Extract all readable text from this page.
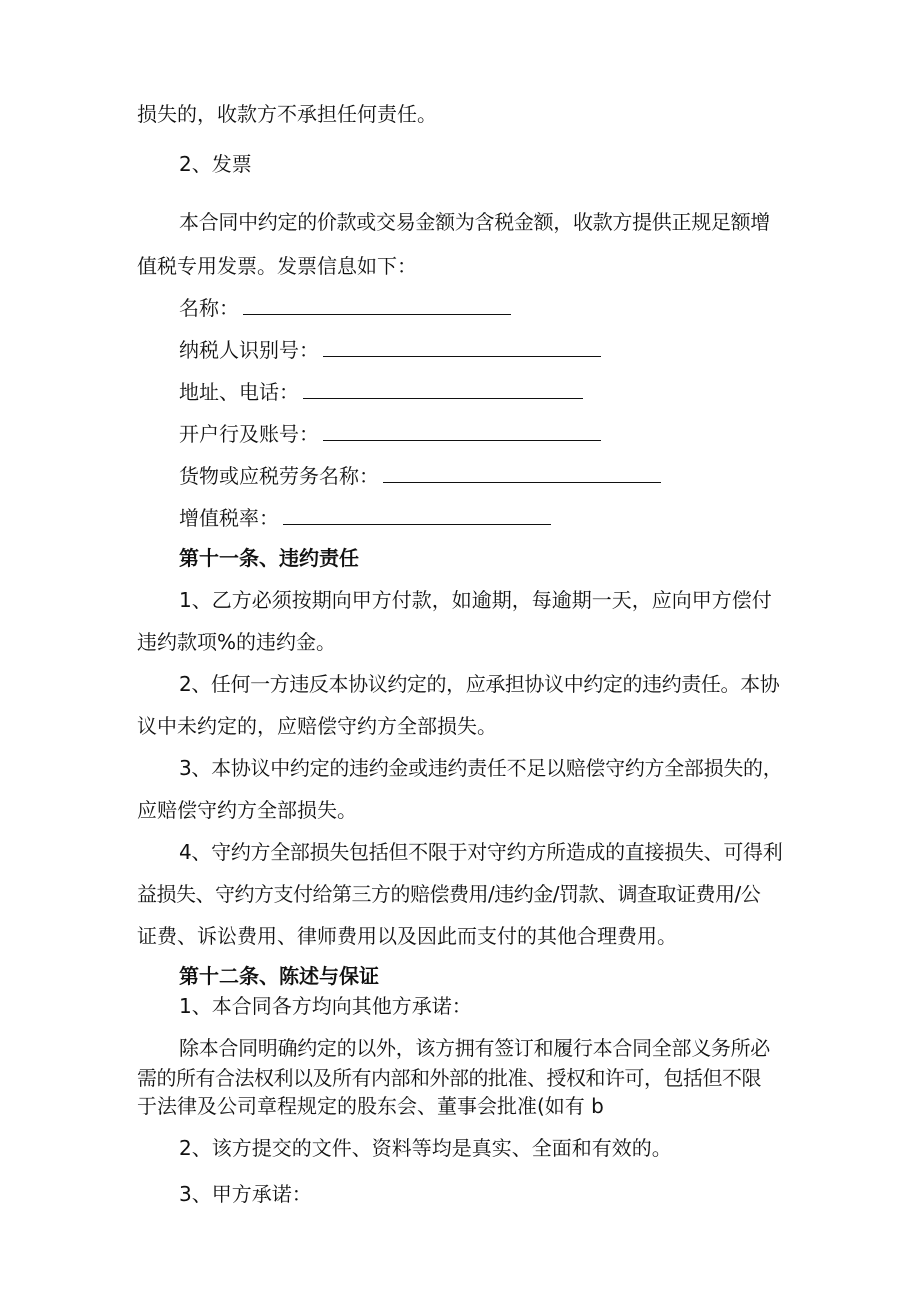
损失的，收款方不承担任何责任。
2、发票
本合同中约定的价款或交易金额为含税金额，收款方提供正规足额增
值税专用发票。发票信息如下：
名称：
纳税人识别号：
地址、电话：
开户行及账号：
货物或应税劳务名称：
增值税率：
第十一条、违约责任
1、乙方必须按期向甲方付款，如逾期，每逾期一天，应向甲方偿付
违约款项%的违约金。
2、任何一方违反本协议约定的，应承担协议中约定的违约责任。本协
议中未约定的，应赔偿守约方全部损失。
3、本协议中约定的违约金或违约责任不足以赔偿守约方全部损失的，
应赔偿守约方全部损失。
4、守约方全部损失包括但不限于对守约方所造成的直接损失、可得利
益损失、守约方支付给第三方的赔偿费用/违约金/罚款、调查取证费用/公
证费、诉讼费用、律师费用以及因此而支付的其他合理费用。
第十二条、陈述与保证
1、本合同各方均向其他方承诺：
除本合同明确约定的以外，该方拥有签订和履行本合同全部义务所必
需的所有合法权利以及所有内部和外部的批准、授权和许可，包括但不限
于法律及公司章程规定的股东会、董事会批准(如有 b
2、该方提交的文件、资料等均是真实、全面和有效的。
3、甲方承诺：
